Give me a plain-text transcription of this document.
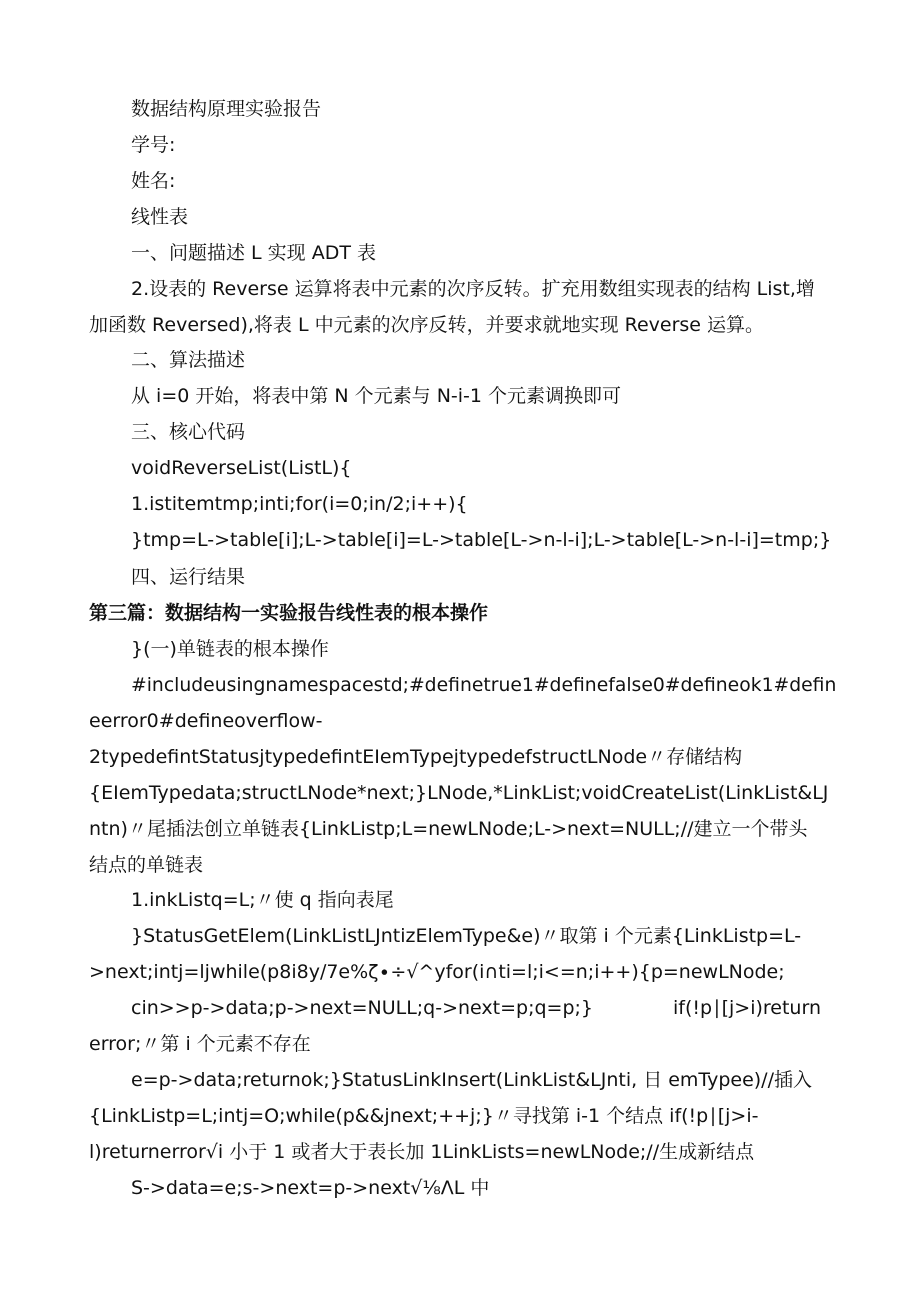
数据结构原理实验报告
学号:
姓名:
线性表
一、问题描述 L 实现 ADT 表
2.设表的 Reverse 运算将表中元素的次序反转。扩充用数组实现表的结构 List,增
加函数 Reversed),将表 L 中元素的次序反转，并要求就地实现 Reverse 运算。
二、算法描述
从 i=0 开始，将表中第 N 个元素与 N-i-1 个元素调换即可
三、核心代码
voidReverseList(ListL){
1.istitemtmp;inti;for(i=0;in/2;i++){
}tmp=L->table[i];L->table[i]=L->table[L->n-l-i];L->table[L->n-l-i]=tmp;}
四、运行结果
第三篇：数据结构一实验报告线性表的根本操作
}(一)单链表的根本操作
#includeusingnamespacestd;#definetrue1#definefalse0#defineok1#defin
eerror0#defineoverflow-
2typedefintStatusjtypedefintEIemTypejtypedefstructLNode〃存储结构
{EIemTypedata;structLNode*next;}LNode,*LinkList;voidCreateList(LinkList&LJ
ntn)〃尾插法创立单链表{LinkListp;L=newLNode;L->next=NULL;//建立一个带头
结点的单链表
1.inkListq=L;〃使 q 指向表尾
}StatusGetElem(LinkListLJntizElemType&e)〃取第 i 个元素{LinkListp=L-
>next;intj=ljwhile(p8i8y∕7e%ζ∙÷√^yfor(i∩ti=l;i<=n;i++){p=newLNode;
cin>>p->data;p->next=NULL;q->next=p;q=p;}	if(!p∣[j>i)return
error;〃第 i 个元素不存在
e=p->data;returnok;}StatusLinkInsert(LinkList&LJnti, 日 emTypee)//插入
{LinkListp=L;intj=O;while(p&&jnext;++j;}〃寻找第 i-1 个结点 if(!p∣[j>i-
l)returnerror√i 小于 1 或者大于表长加 1LinkLists=newLNode;//生成新结点
S->data=e;s->next=p->next√⅛ΛL 中
